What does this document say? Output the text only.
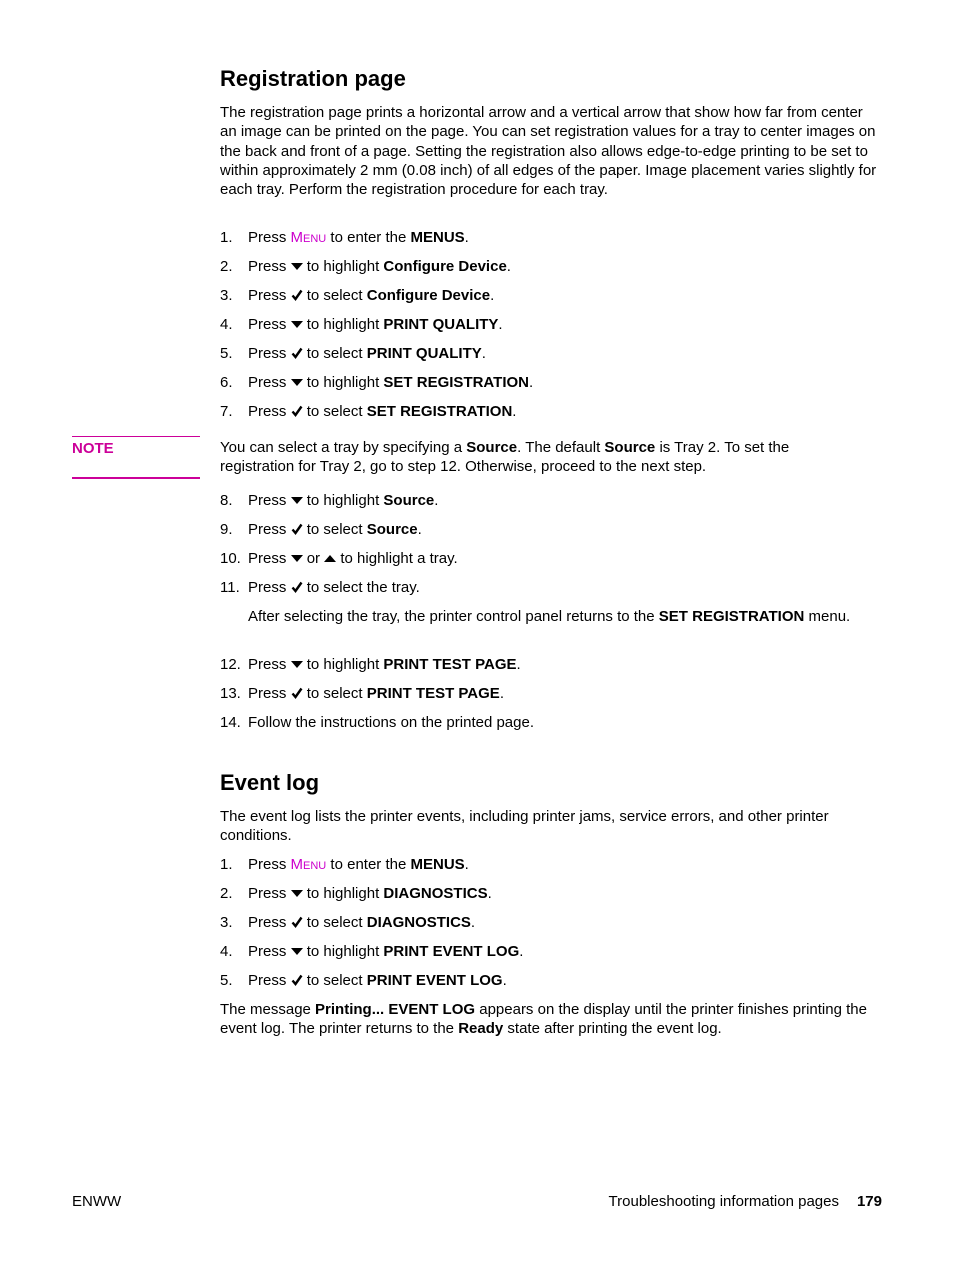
Registration page

The registration page prints a horizontal arrow and a vertical arrow that show how far from center an image can be printed on the page. You can set registration values for a tray to center images on the back and front of a page. Setting the registration also allows edge-to-edge printing to be set to within approximately 2 mm (0.08 inch) of all edges of the paper. Image placement varies slightly for each tray. Perform the registration procedure for each tray.

1. Press Menu to enter the MENUS.
2. Press to highlight Configure Device.
3. Press to select Configure Device.
4. Press to highlight PRINT QUALITY.
5. Press to select PRINT QUALITY.
6. Press to highlight SET REGISTRATION.
7. Press to select SET REGISTRATION.
NOTE	You can select a tray by specifying a Source. The default Source is Tray 2. To set the registration for Tray 2, go to step 12. Otherwise, proceed to the next step.

8. Press to highlight Source.
9. Press to select Source.
10. Press or to highlight a tray.
11. Press to select the tray.

After selecting the tray, the printer control panel returns to the SET REGISTRATION menu.

12. Press to highlight PRINT TEST PAGE.
13. Press to select PRINT TEST PAGE.
14. Follow the instructions on the printed page.
Event log

The event log lists the printer events, including printer jams, service errors, and other printer conditions.

1. Press Menu to enter the MENUS.
2. Press to highlight DIAGNOSTICS.
3. Press to select DIAGNOSTICS.
4. Press to highlight PRINT EVENT LOG.
5. Press to select PRINT EVENT LOG.

The message Printing... EVENT LOG appears on the display until the printer finishes printing the event log. The printer returns to the Ready state after printing the event log.

ENWW	Troubleshooting information pages 179
